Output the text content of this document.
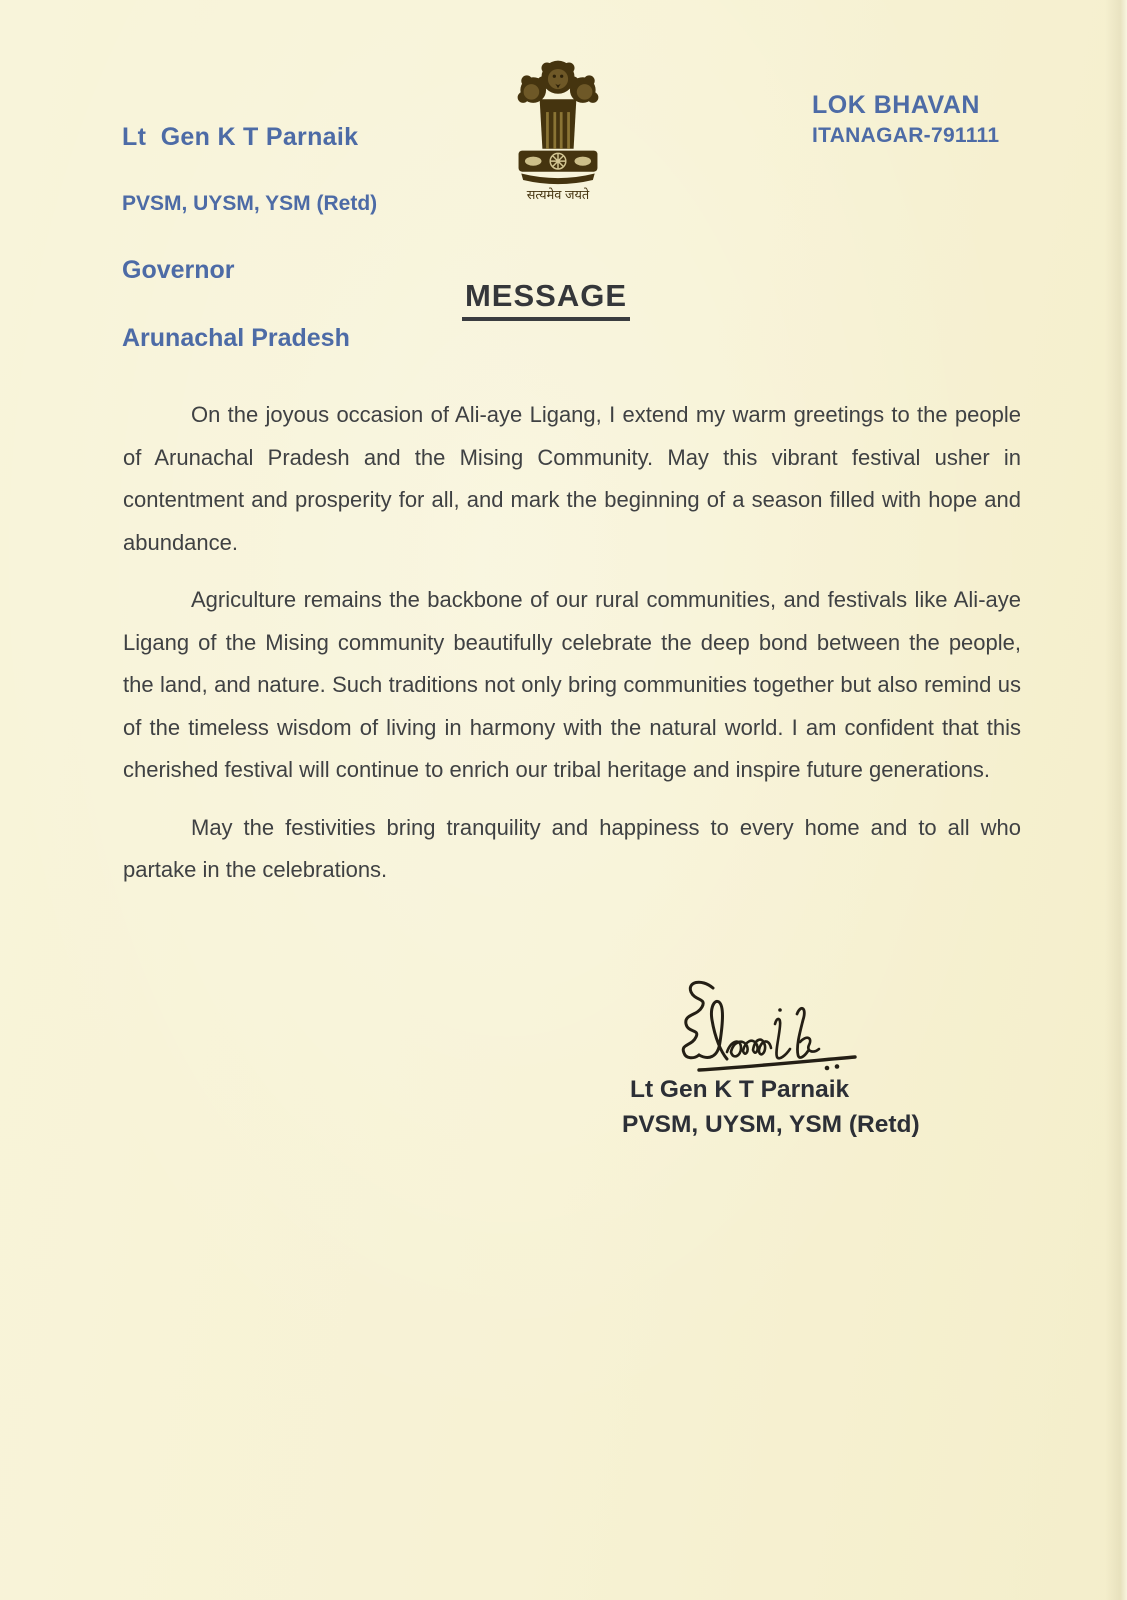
Lt  Gen K T Parnaik

PVSM, UYSM, YSM (Retd)

Governor

Arunachal Pradesh

सत्यमेव जयते
LOK BHAVAN
ITANAGAR-791111
MESSAGE

On the joyous occasion of Ali-aye Ligang, I extend my warm greetings to the people of Arunachal Pradesh and the Mising Community. May this vibrant festival usher in contentment and prosperity for all, and mark the beginning of a season filled with hope and abundance.

Agriculture remains the backbone of our rural communities, and festivals like Ali-aye Ligang of the Mising community beautifully celebrate the deep bond between the people, the land, and nature. Such traditions not only bring communities together but also remind us of the timeless wisdom of living in harmony with the natural world. I am confident that this cherished festival will continue to enrich our tribal heritage and inspire future generations.

May the festivities bring tranquility and happiness to every home and to all who partake in the celebrations.

Lt Gen K T Parnaik
PVSM, UYSM, YSM (Retd)
